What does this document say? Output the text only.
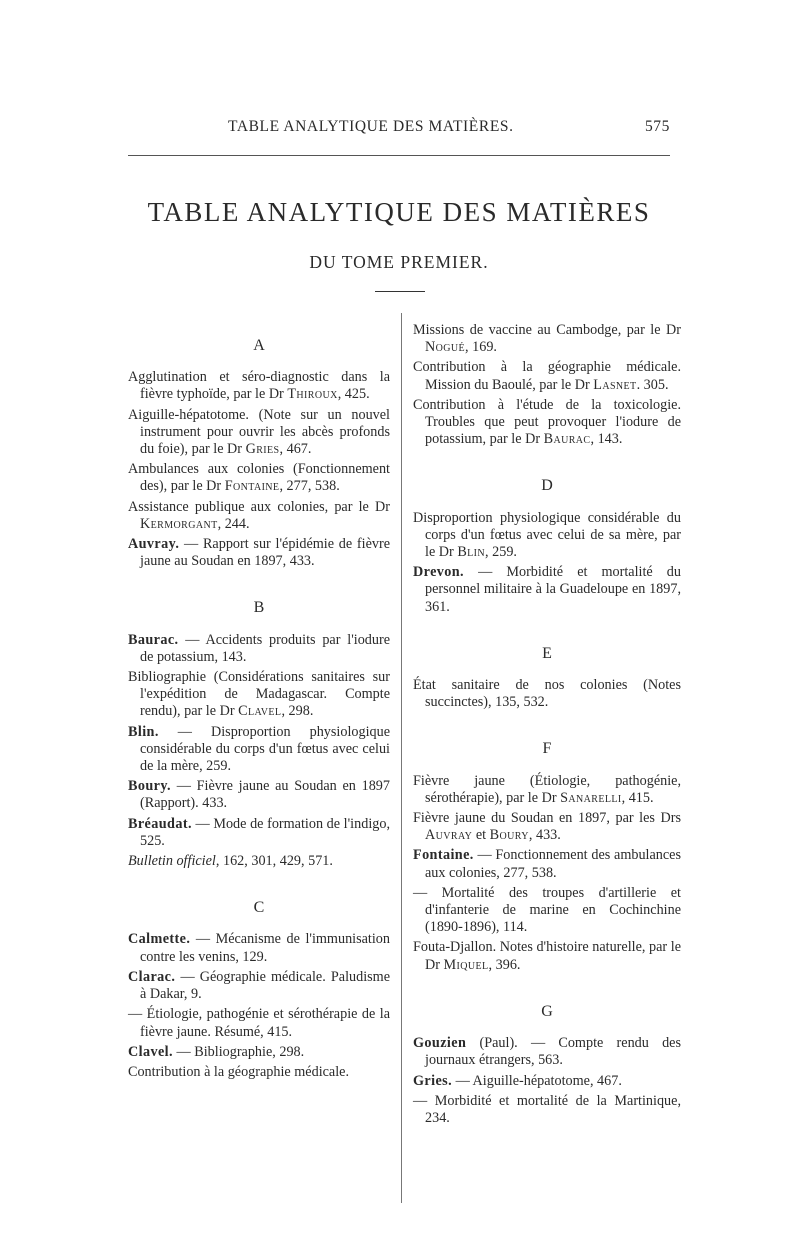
TABLE ANALYTIQUE DES MATIÈRES.	575
TABLE ANALYTIQUE DES MATIÈRES
DU TOME PREMIER.
A

Agglutination et séro-diagnostic dans la fièvre typhoïde, par le Dr Thiroux, 425.

Aiguille-hépatotome. (Note sur un nouvel instrument pour ouvrir les abcès profonds du foie), par le Dr Gries, 467.

Ambulances aux colonies (Fonctionnement des), par le Dr Fontaine, 277, 538.

Assistance publique aux colonies, par le Dr Kermorgant, 244.

Auvray. — Rapport sur l'épidémie de fièvre jaune au Soudan en 1897, 433.

B

Baurac. — Accidents produits par l'iodure de potassium, 143.

Bibliographie (Considérations sanitaires sur l'expédition de Madagascar. Compte rendu), par le Dr Clavel, 298.

Blin. — Disproportion physiologique considérable du corps d'un fœtus avec celui de la mère, 259.

Boury. — Fièvre jaune au Soudan en 1897 (Rapport). 433.

Bréaudat. — Mode de formation de l'indigo, 525.

Bulletin officiel, 162, 301, 429, 571.

C

Calmette. — Mécanisme de l'immunisation contre les venins, 129.

Clarac. — Géographie médicale. Paludisme à Dakar, 9.

— Étiologie, pathogénie et sérothérapie de la fièvre jaune. Résumé, 415.

Clavel. — Bibliographie, 298.

Contribution à la géographie médicale.

Missions de vaccine au Cambodge, par le Dr Nogué, 169.

Contribution à la géographie médicale. Mission du Baoulé, par le Dr Lasnet. 305.

Contribution à l'étude de la toxicologie. Troubles que peut provoquer l'iodure de potassium, par le Dr Baurac, 143.

D

Disproportion physiologique considérable du corps d'un fœtus avec celui de sa mère, par le Dr Blin, 259.

Drevon. — Morbidité et mortalité du personnel militaire à la Guadeloupe en 1897, 361.

E

État sanitaire de nos colonies (Notes succinctes), 135, 532.

F

Fièvre jaune (Étiologie, pathogénie, sérothérapie), par le Dr Sanarelli, 415.

Fièvre jaune du Soudan en 1897, par les Drs Auvray et Boury, 433.

Fontaine. — Fonctionnement des ambulances aux colonies, 277, 538.

— Mortalité des troupes d'artillerie et d'infanterie de marine en Cochinchine (1890-1896), 114.

Fouta-Djallon. Notes d'histoire naturelle, par le Dr Miquel, 396.

G

Gouzien (Paul). — Compte rendu des journaux étrangers, 563.

Gries. — Aiguille-hépatotome, 467.

— Morbidité et mortalité de la Martinique, 234.
